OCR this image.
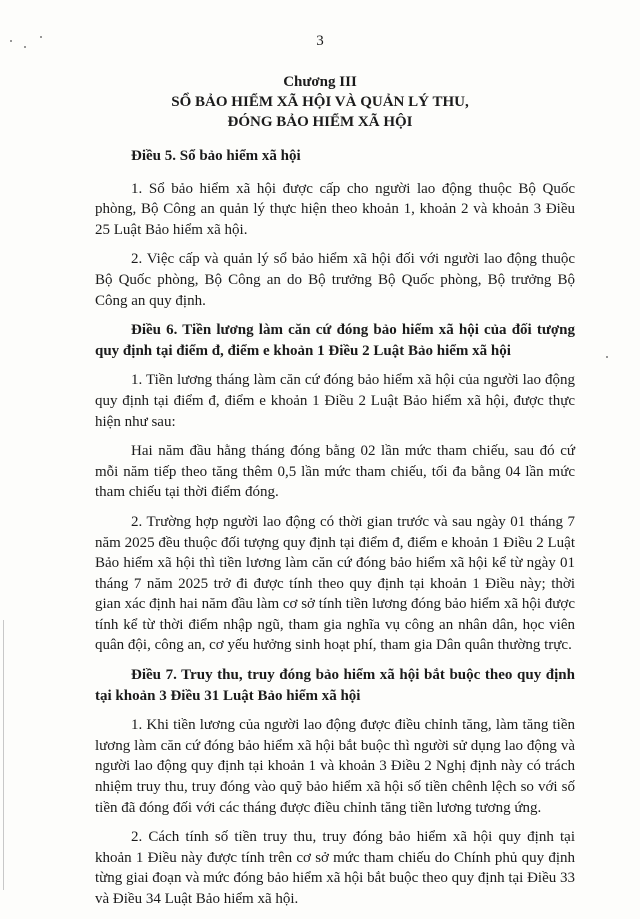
3
Chương III
SỔ BẢO HIỂM XÃ HỘI VÀ QUẢN LÝ THU,
ĐÓNG BẢO HIỂM XÃ HỘI
Điều 5. Sổ bảo hiểm xã hội

1. Sổ bảo hiểm xã hội được cấp cho người lao động thuộc Bộ Quốc phòng, Bộ Công an quản lý thực hiện theo khoản 1, khoản 2 và khoản 3 Điều 25 Luật Bảo hiểm xã hội.

2. Việc cấp và quản lý sổ bảo hiểm xã hội đối với người lao động thuộc Bộ Quốc phòng, Bộ Công an do Bộ trưởng Bộ Quốc phòng, Bộ trưởng Bộ Công an quy định.

Điều 6. Tiền lương làm căn cứ đóng bảo hiểm xã hội của đối tượng quy định tại điểm đ, điểm e khoản 1 Điều 2 Luật Bảo hiểm xã hội

1. Tiền lương tháng làm căn cứ đóng bảo hiểm xã hội của người lao động quy định tại điểm đ, điểm e khoản 1 Điều 2 Luật Bảo hiểm xã hội, được thực hiện như sau:

Hai năm đầu hằng tháng đóng bằng 02 lần mức tham chiếu, sau đó cứ mỗi năm tiếp theo tăng thêm 0,5 lần mức tham chiếu, tối đa bằng 04 lần mức tham chiếu tại thời điểm đóng.

2. Trường hợp người lao động có thời gian trước và sau ngày 01 tháng 7 năm 2025 đều thuộc đối tượng quy định tại điểm đ, điểm e khoản 1 Điều 2 Luật Bảo hiểm xã hội thì tiền lương làm căn cứ đóng bảo hiểm xã hội kể từ ngày 01 tháng 7 năm 2025 trở đi được tính theo quy định tại khoản 1 Điều này; thời gian xác định hai năm đầu làm cơ sở tính tiền lương đóng bảo hiểm xã hội được tính kể từ thời điểm nhập ngũ, tham gia nghĩa vụ công an nhân dân, học viên quân đội, công an, cơ yếu hưởng sinh hoạt phí, tham gia Dân quân thường trực.

Điều 7. Truy thu, truy đóng bảo hiểm xã hội bắt buộc theo quy định tại khoản 3 Điều 31 Luật Bảo hiểm xã hội

1. Khi tiền lương của người lao động được điều chỉnh tăng, làm tăng tiền lương làm căn cứ đóng bảo hiểm xã hội bắt buộc thì người sử dụng lao động và người lao động quy định tại khoản 1 và khoản 3 Điều 2 Nghị định này có trách nhiệm truy thu, truy đóng vào quỹ bảo hiểm xã hội số tiền chênh lệch so với số tiền đã đóng đối với các tháng được điều chỉnh tăng tiền lương tương ứng.

2. Cách tính số tiền truy thu, truy đóng bảo hiểm xã hội quy định tại khoản 1 Điều này được tính trên cơ sở mức tham chiếu do Chính phủ quy định từng giai đoạn và mức đóng bảo hiểm xã hội bắt buộc theo quy định tại Điều 33 và Điều 34 Luật Bảo hiểm xã hội.
